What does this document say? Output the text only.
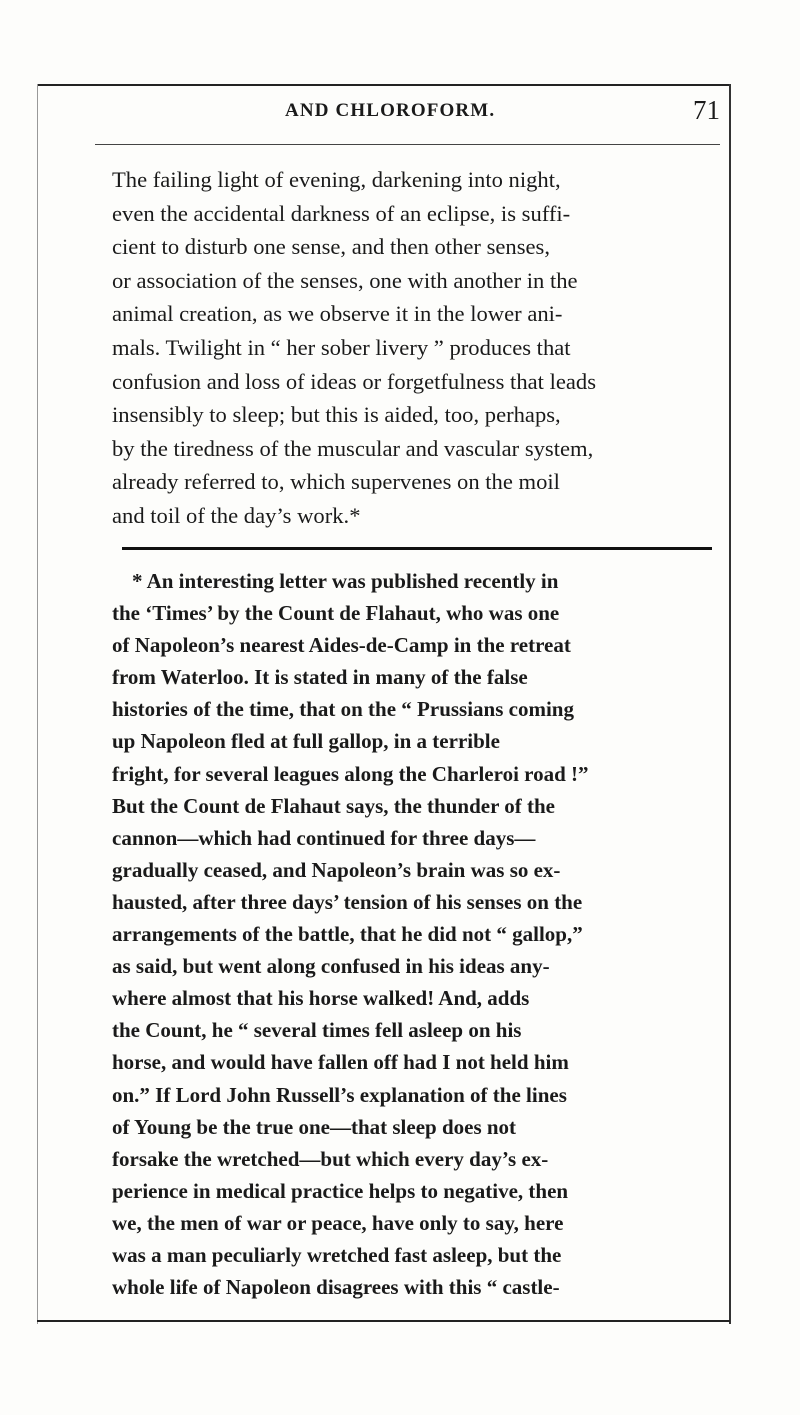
AND CHLOROFORM.	71
The failing light of evening, darkening into night,
even the accidental darkness of an eclipse, is suffi-
cient to disturb one sense, and then other senses,
or association of the senses, one with another in the
animal creation, as we observe it in the lower ani-
mals. Twilight in “ her sober livery ” produces that
confusion and loss of ideas or forgetfulness that leads
insensibly to sleep; but this is aided, too, perhaps,
by the tiredness of the muscular and vascular system,
already referred to, which supervenes on the moil
and toil of the day’s work.*
* An interesting letter was published recently in
the ‘Times’ by the Count de Flahaut, who was one
of Napoleon’s nearest Aides-de-Camp in the retreat
from Waterloo. It is stated in many of the false
histories of the time, that on the “ Prussians coming
up Napoleon fled at full gallop, in a terrible
fright, for several leagues along the Charleroi road !”
But the Count de Flahaut says, the thunder of the
cannon—which had continued for three days—
gradually ceased, and Napoleon’s brain was so ex-
hausted, after three days’ tension of his senses on the
arrangements of the battle, that he did not “ gallop,”
as said, but went along confused in his ideas any-
where almost that his horse walked! And, adds
the Count, he “ several times fell asleep on his
horse, and would have fallen off had I not held him
on.” If Lord John Russell’s explanation of the lines
of Young be the true one—that sleep does not
forsake the wretched—but which every day’s ex-
perience in medical practice helps to negative, then
we, the men of war or peace, have only to say, here
was a man peculiarly wretched fast asleep, but the
whole life of Napoleon disagrees with this “ castle-
